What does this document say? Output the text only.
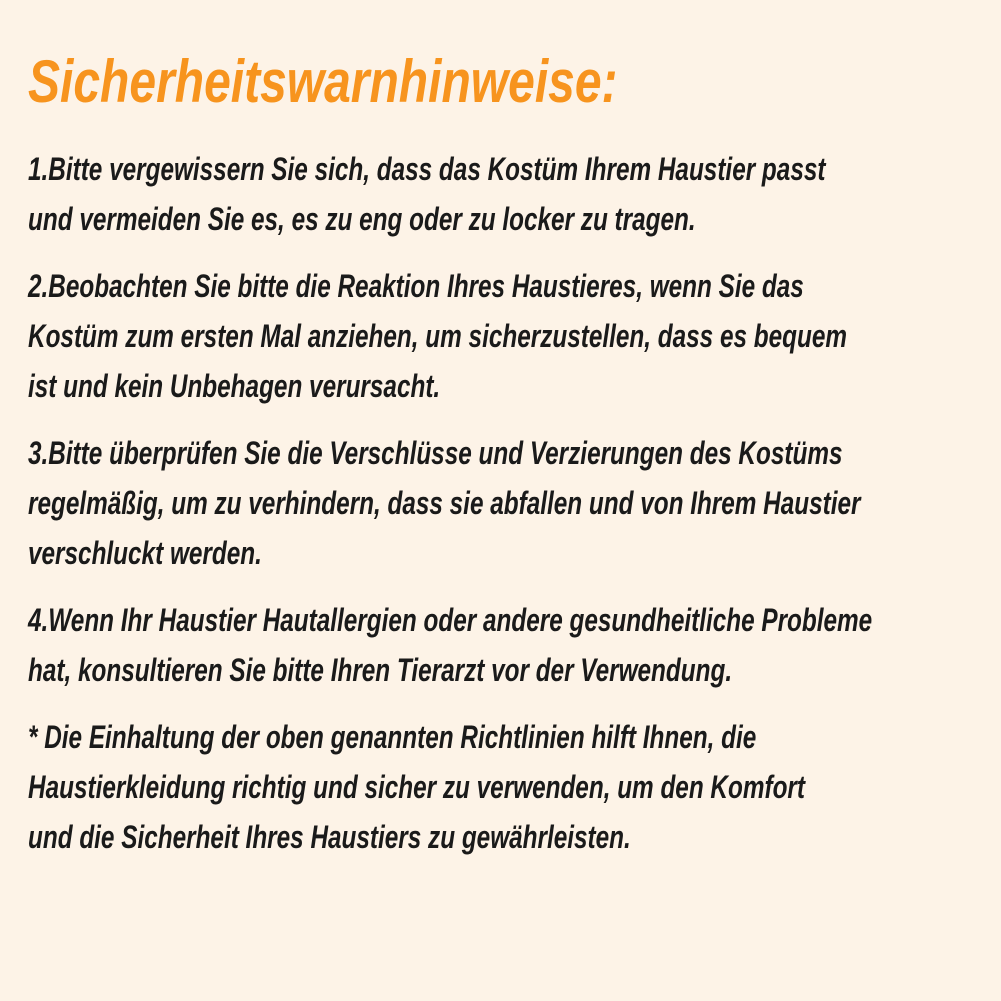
Sicherheitswarnhinweise:
1.Bitte vergewissern Sie sich, dass das Kostüm Ihrem Haustier passt
und vermeiden Sie es, es zu eng oder zu locker zu tragen.
2.Beobachten Sie bitte die Reaktion Ihres Haustieres, wenn Sie das
Kostüm zum ersten Mal anziehen, um sicherzustellen, dass es bequem
ist und kein Unbehagen verursacht.
3.Bitte überprüfen Sie die Verschlüsse und Verzierungen des Kostüms
regelmäßig, um zu verhindern, dass sie abfallen und von Ihrem Haustier
verschluckt werden.
4.Wenn Ihr Haustier Hautallergien oder andere gesundheitliche Probleme
hat, konsultieren Sie bitte Ihren Tierarzt vor der Verwendung.
* Die Einhaltung der oben genannten Richtlinien hilft Ihnen, die
Haustierkleidung richtig und sicher zu verwenden, um den Komfort
und die Sicherheit Ihres Haustiers zu gewährleisten.
